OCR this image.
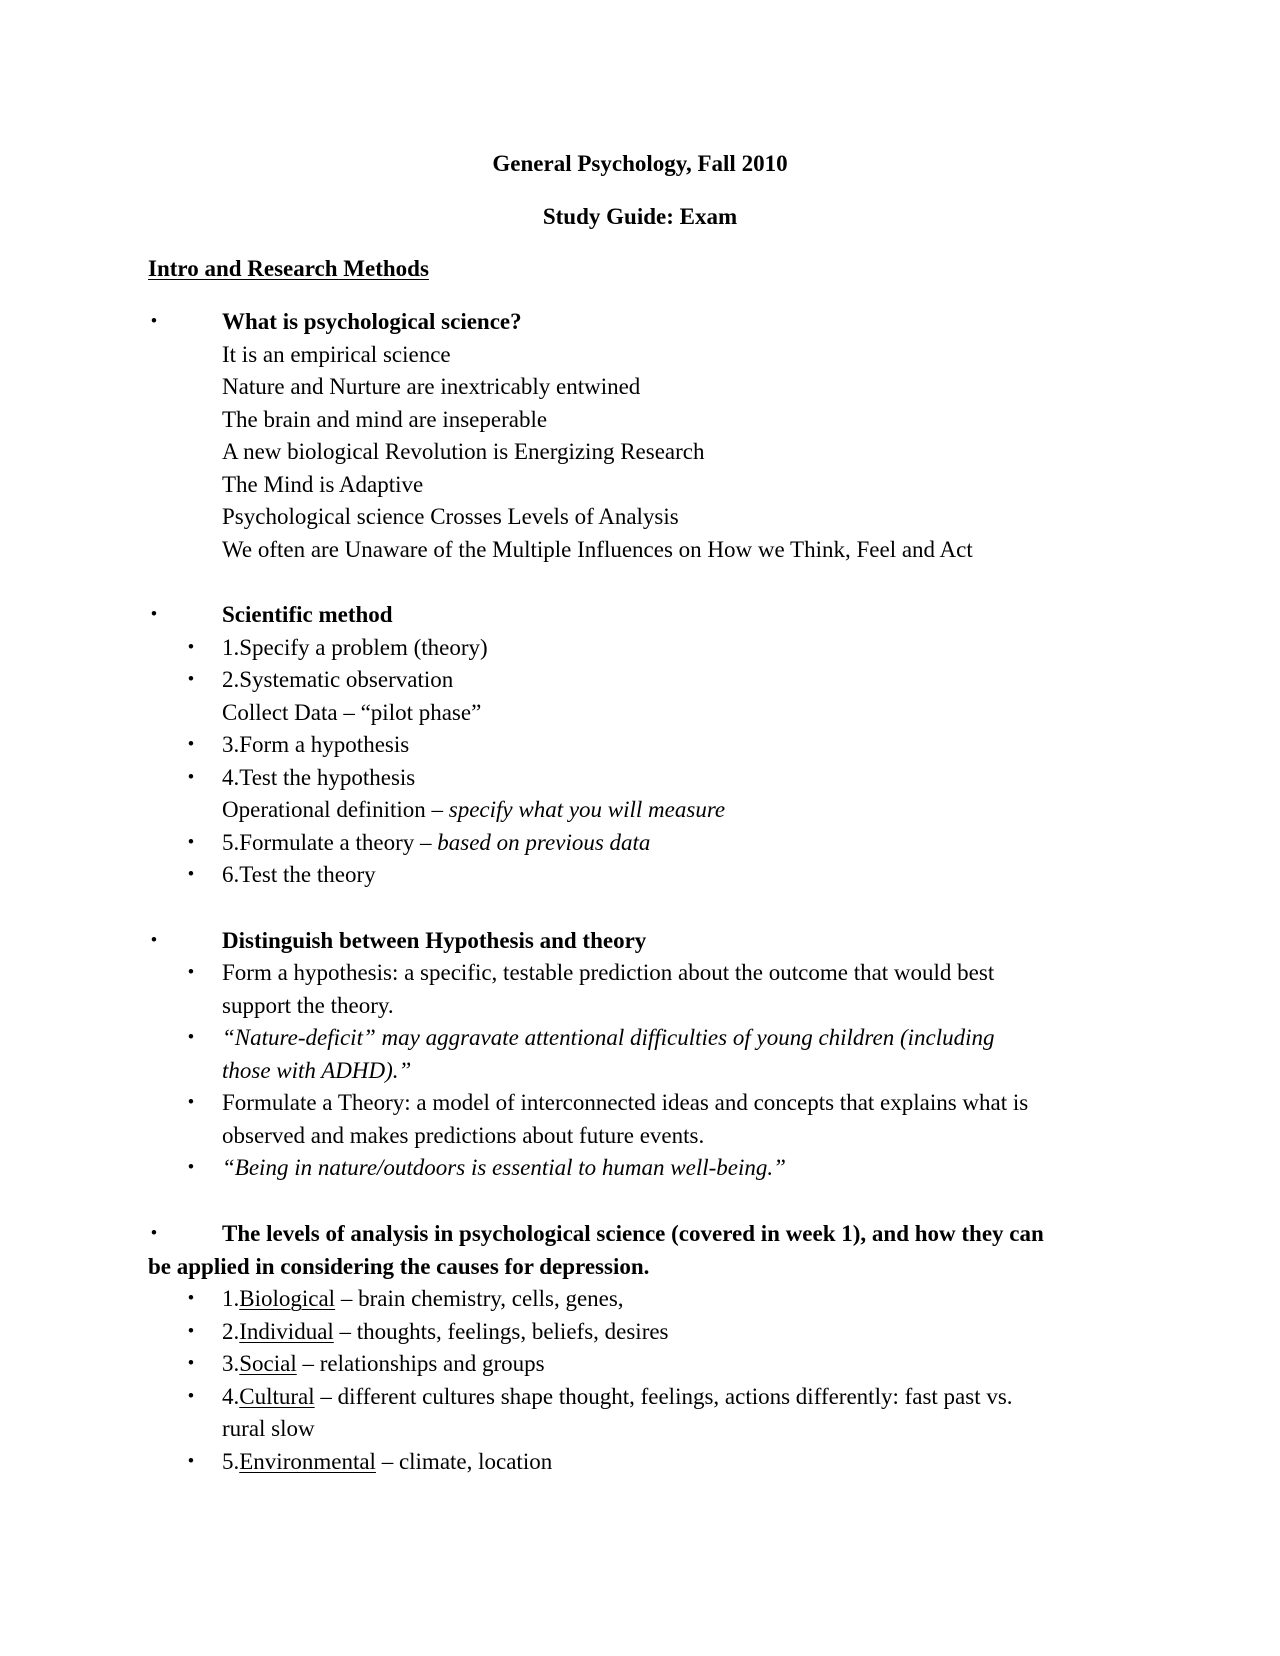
General Psychology, Fall 2010
Study Guide: Exam
Intro and Research Methods
•
What is psychological science?
It is an empirical science
Nature and Nurture are inextricably entwined
The brain and mind are inseperable
A new biological Revolution is Energizing Research
The Mind is Adaptive
Psychological science Crosses Levels of Analysis
We often are Unaware of the Multiple Influences on How we Think, Feel and Act
•
Scientific method
•
1.Specify a problem (theory)
•
2.Systematic observation
Collect Data – “pilot phase”
•
3.Form a hypothesis
•
4.Test the hypothesis
Operational definition – specify what you will measure
•
5.Formulate a theory – based on previous data
•
6.Test the theory
•
Distinguish between Hypothesis and theory
•
Form a hypothesis: a specific, testable prediction about the outcome that would best
support the theory.
•
“Nature-deficit” may aggravate attentional difficulties of young children (including
those with ADHD).”
•
Formulate a Theory: a model of interconnected ideas and concepts that explains what is
observed and makes predictions about future events.
•
“Being in nature/outdoors is essential to human well-being.”
•
The levels of analysis in psychological science (covered in week 1), and how they can
be applied in considering the causes for depression.
•
1.Biological – brain chemistry, cells, genes,
•
2.Individual – thoughts, feelings, beliefs, desires
•
3.Social – relationships and groups
•
4.Cultural – different cultures shape thought, feelings, actions differently: fast past vs.
rural slow
•
5.Environmental – climate, location
